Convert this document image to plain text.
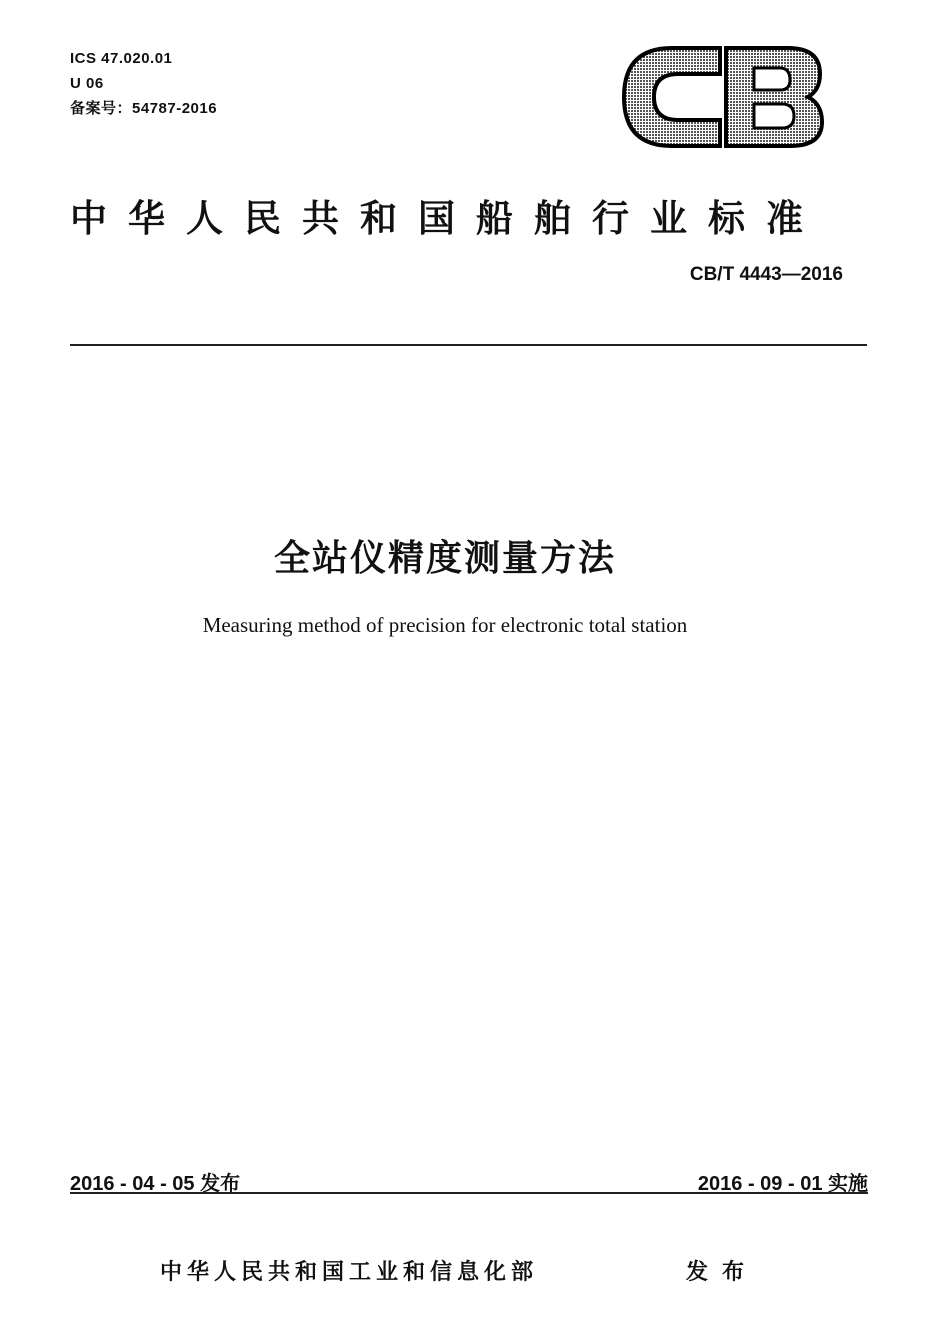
ICS 47.020.01
U 06
备案号：54787-2016
中华人民共和国船舶行业标准
CB/T 4443—2016
全站仪精度测量方法
Measuring method of precision for electronic total station
2016 - 04 - 05 发布	2016 - 09 - 01 实施
中华人民共和国工业和信息化部	发布
